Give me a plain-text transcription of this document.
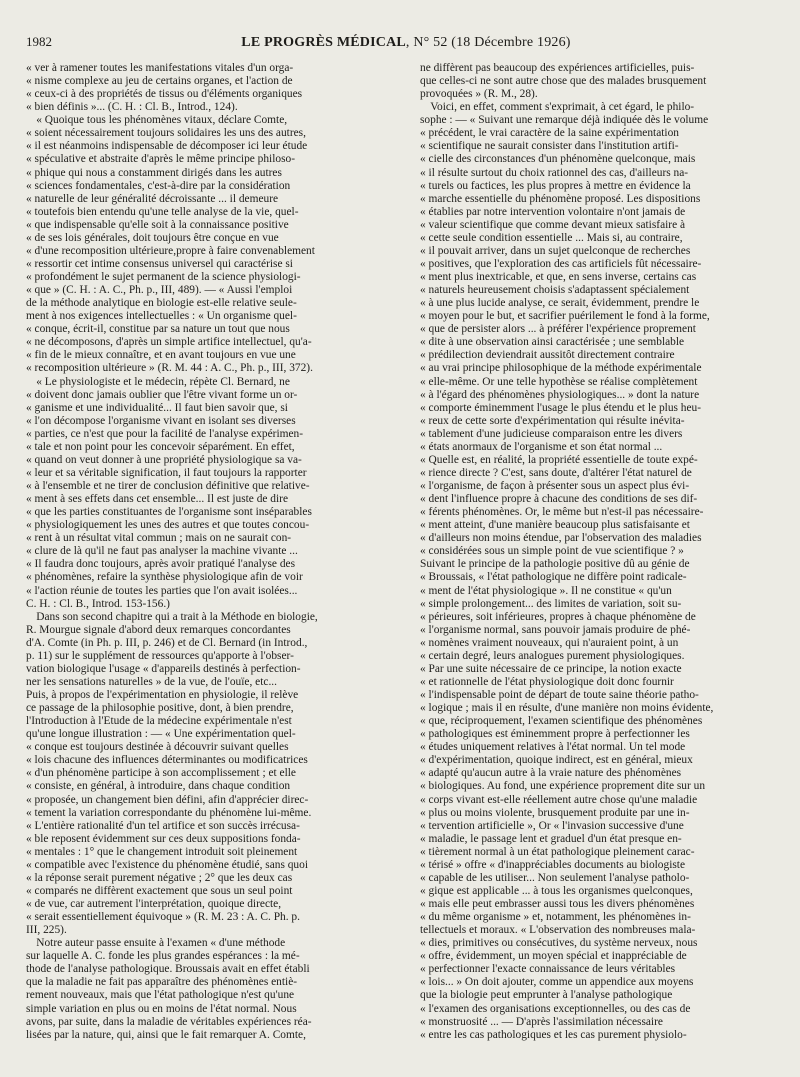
1982	LE PROGRÈS MÉDICAL, N° 52 (18 Décembre 1926)

« ver à ramener toutes les manifestations vitales d'un orga-
« nisme complexe au jeu de certains organes, et l'action de
« ceux-ci à des propriétés de tissus ou d'éléments organiques
« bien définis »... (C. H. : Cl. B., Introd., 124).

« Quoique tous les phénomènes vitaux, déclare Comte,
« soient nécessairement toujours solidaires les uns des autres,
« il est néanmoins indispensable de décomposer ici leur étude
« spéculative et abstraite d'après le même principe philoso-
« phique qui nous a constamment dirigés dans les autres
« sciences fondamentales, c'est-à-dire par la considération
« naturelle de leur généralité décroissante ... il demeure
« toutefois bien entendu qu'une telle analyse de la vie, quel-
« que indispensable qu'elle soit à la connaissance positive
« de ses lois générales, doit toujours être conçue en vue
« d'une recomposition ultérieure,propre à faire convenablement
« ressortir cet intime consensus universel qui caractérise si
« profondément le sujet permanent de la science physiologi-
« que » (C. H. : A. C., Ph. p., III, 489). — « Aussi l'emploi
de la méthode analytique en biologie est-elle relative seule-
ment à nos exigences intellectuelles : « Un organisme quel-
« conque, écrit-il, constitue par sa nature un tout que nous
« ne décomposons, d'après un simple artifice intellectuel, qu'a-
« fin de le mieux connaître, et en avant toujours en vue une
« recomposition ultérieure » (R. M. 44 : A. C., Ph. p., III, 372).

« Le physiologiste et le médecin, répète Cl. Bernard, ne
« doivent donc jamais oublier que l'être vivant forme un or-
« ganisme et une individualité... Il faut bien savoir que, si
« l'on décompose l'organisme vivant en isolant ses diverses
« parties, ce n'est que pour la facilité de l'analyse expérimen-
« tale et non point pour les concevoir séparément. En effet,
« quand on veut donner à une propriété physiologique sa va-
« leur et sa véritable signification, il faut toujours la rapporter
« à l'ensemble et ne tirer de conclusion définitive que relative-
« ment à ses effets dans cet ensemble... Il est juste de dire
« que les parties constituantes de l'organisme sont inséparables
« physiologiquement les unes des autres et que toutes concou-
« rent à un résultat vital commun ; mais on ne saurait con-
« clure de là qu'il ne faut pas analyser la machine vivante ...
« Il faudra donc toujours, après avoir pratiqué l'analyse des
« phénomènes, refaire la synthèse physiologique afin de voir
« l'action réunie de toutes les parties que l'on avait isolées...
C. H. : Cl. B., Introd. 153-156.)

Dans son second chapitre qui a trait à la Méthode en biologie,
R. Mourgue signale d'abord deux remarques concordantes
d'A. Comte (in Ph. p. III, p. 246) et de Cl. Bernard (in Introd.,
p. 11) sur le supplément de ressources qu'apporte à l'obser-
vation biologique l'usage « d'appareils destinés à perfection-
ner les sensations naturelles » de la vue, de l'ouïe, etc...
Puis, à propos de l'expérimentation en physiologie, il relève
ce passage de la philosophie positive, dont, à bien prendre,
l'Introduction à l'Etude de la médecine expérimentale n'est
qu'une longue illustration : — « Une expérimentation quel-
« conque est toujours destinée à découvrir suivant quelles
« lois chacune des influences déterminantes ou modificatrices
« d'un phénomène participe à son accomplissement ; et elle
« consiste, en général, à introduire, dans chaque condition
« proposée, un changement bien défini, afin d'apprécier direc-
« tement la variation correspondante du phénomène lui-même.
« L'entière rationalité d'un tel artifice et son succès irrécusa-
« ble reposent évidemment sur ces deux suppositions fonda-
« mentales : 1° que le changement introduit soit pleinement
« compatible avec l'existence du phénomène étudié, sans quoi
« la réponse serait purement négative ; 2° que les deux cas
« comparés ne diffèrent exactement que sous un seul point
« de vue, car autrement l'interprétation, quoique directe,
« serait essentiellement équivoque » (R. M. 23 : A. C. Ph. p.
III, 225).

Notre auteur passe ensuite à l'examen « d'une méthode
sur laquelle A. C. fonde les plus grandes espérances : la mé-
thode de l'analyse pathologique. Broussais avait en effet établi
que la maladie ne fait pas apparaître des phénomènes entiè-
rement nouveaux, mais que l'état pathologique n'est qu'une
simple variation en plus ou en moins de l'état normal. Nous
avons, par suite, dans la maladie de véritables expériences réa-
lisées par la nature, qui, ainsi que le fait remarquer A. Comte,

ne diffèrent pas beaucoup des expériences artificielles, puis-
que celles-ci ne sont autre chose que des malades brusquement
provoquées » (R. M., 28).

Voici, en effet, comment s'exprimait, à cet égard, le philo-
sophe : — « Suivant une remarque déjà indiquée dès le volume
« précédent, le vrai caractère de la saine expérimentation
« scientifique ne saurait consister dans l'institution artifi-
« cielle des circonstances d'un phénomène quelconque, mais
« il résulte surtout du choix rationnel des cas, d'ailleurs na-
« turels ou factices, les plus propres à mettre en évidence la
« marche essentielle du phénomène proposé. Les dispositions
« établies par notre intervention volontaire n'ont jamais de
« valeur scientifique que comme devant mieux satisfaire à
« cette seule condition essentielle ... Mais si, au contraire,
« il pouvait arriver, dans un sujet quelconque de recherches
« positives, que l'exploration des cas artificiels fût nécessaire-
« ment plus inextricable, et que, en sens inverse, certains cas
« naturels heureusement choisis s'adaptassent spécialement
« à une plus lucide analyse, ce serait, évidemment, prendre le
« moyen pour le but, et sacrifier puérilement le fond à la forme,
« que de persister alors ... à préférer l'expérience proprement
« dite à une observation ainsi caractérisée ; une semblable
« prédilection deviendrait aussitôt directement contraire
« au vrai principe philosophique de la méthode expérimentale
« elle-même. Or une telle hypothèse se réalise complètement
« à l'égard des phénomènes physiologiques... » dont la nature
« comporte éminemment l'usage le plus étendu et le plus heu-
« reux de cette sorte d'expérimentation qui résulte inévita-
« tablement d'une judicieuse comparaison entre les divers
« états anormaux de l'organisme et son état normal ...
« Quelle est, en réalité, la propriété essentielle de toute expé-
« rience directe ? C'est, sans doute, d'altérer l'état naturel de
« l'organisme, de façon à présenter sous un aspect plus évi-
« dent l'influence propre à chacune des conditions de ses dif-
« férents phénomènes. Or, le même but n'est-il pas nécessaire-
« ment atteint, d'une manière beaucoup plus satisfaisante et
« d'ailleurs non moins étendue, par l'observation des maladies
« considérées sous un simple point de vue scientifique ? »
Suivant le principe de la pathologie positive dû au génie de
« Broussais, « l'état pathologique ne diffère point radicale-
« ment de l'état physiologique ». Il ne constitue « qu'un
« simple prolongement... des limites de variation, soit su-
« périeures, soit inférieures, propres à chaque phénomène de
« l'organisme normal, sans pouvoir jamais produire de phé-
« nomènes vraiment nouveaux, qui n'auraient point, à un
« certain degré, leurs analogues purement physiologiques.
« Par une suite nécessaire de ce principe, la notion exacte
« et rationnelle de l'état physiologique doit donc fournir
« l'indispensable point de départ de toute saine théorie patho-
« logique ; mais il en résulte, d'une manière non moins évidente,
« que, réciproquement, l'examen scientifique des phénomènes
« pathologiques est éminemment propre à perfectionner les
« études uniquement relatives à l'état normal. Un tel mode
« d'expérimentation, quoique indirect, est en général, mieux
« adapté qu'aucun autre à la vraie nature des phénomènes
« biologiques. Au fond, une expérience proprement dite sur un
« corps vivant est-elle réellement autre chose qu'une maladie
« plus ou moins violente, brusquement produite par une in-
« tervention artificielle », Or « l'invasion successive d'une
« maladie, le passage lent et graduel d'un état presque en-
« tièrement normal à un état pathologique pleinement carac-
« térisé » offre « d'inappréciables documents au biologiste
« capable de les utiliser... Non seulement l'analyse patholo-
« gique est applicable ... à tous les organismes quelconques,
« mais elle peut embrasser aussi tous les divers phénomènes
« du même organisme » et, notamment, les phénomènes in-
tellectuels et moraux. « L'observation des nombreuses mala-
« dies, primitives ou consécutives, du système nerveux, nous
« offre, évidemment, un moyen spécial et inappréciable de
« perfectionner l'exacte connaissance de leurs véritables
« lois... » On doit ajouter, comme un appendice aux moyens
que la biologie peut emprunter à l'analyse pathologique
« l'examen des organisations exceptionnelles, ou des cas de
« monstruosité ... — D'après l'assimilation nécessaire
« entre les cas pathologiques et les cas purement physiolo-
